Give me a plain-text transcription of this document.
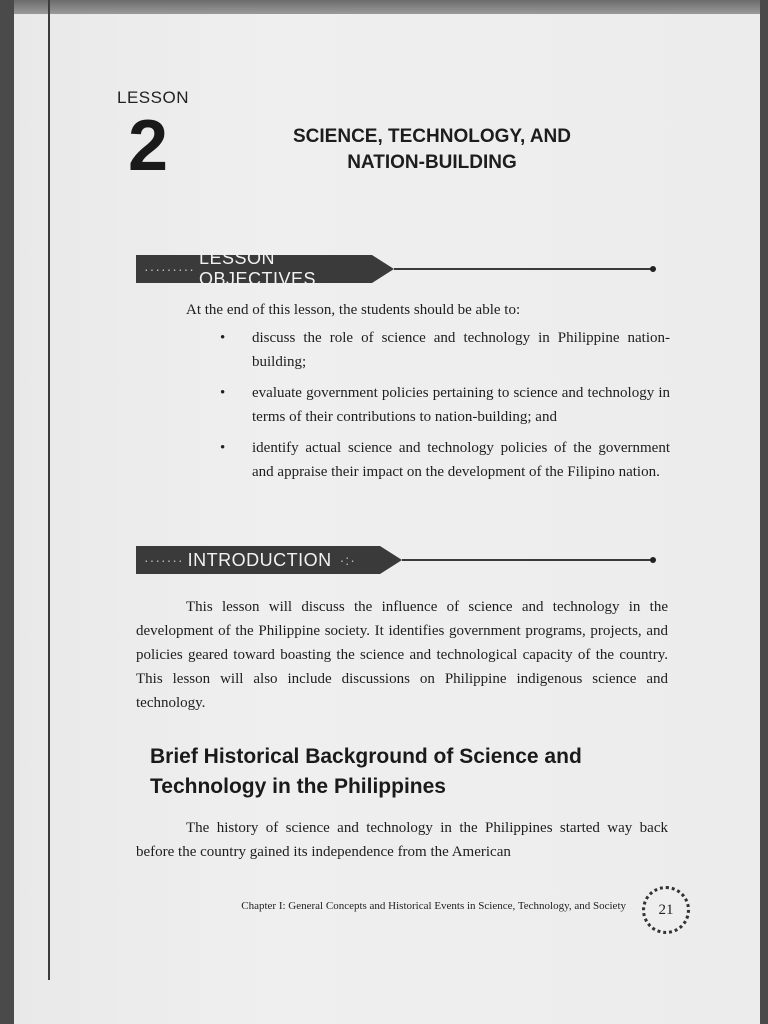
LESSON
2	SCIENCE, TECHNOLOGY, AND
NATION-BUILDING
·········
LESSON OBJECTIVES
At the end of this lesson, the students should be able to:
• discuss the role of science and technology in Philippine nation-building;
• evaluate government policies pertaining to science and technology in terms of their contributions to nation-building; and
• identify actual science and technology policies of the government and appraise their impact on the development of the Filipino nation.
······· INTRODUCTION ·:·
This lesson will discuss the influence of science and technology in the development of the Philippine society. It identifies government programs, projects, and policies geared toward boasting the science and technological capacity of the country. This lesson will also include discussions on Philippine indigenous science and technology.
Brief Historical Background of Science and Technology in the Philippines
The history of science and technology in the Philippines started way back before the country gained its independence from the American
Chapter I: General Concepts and Historical Events in Science, Technology, and Society 21
